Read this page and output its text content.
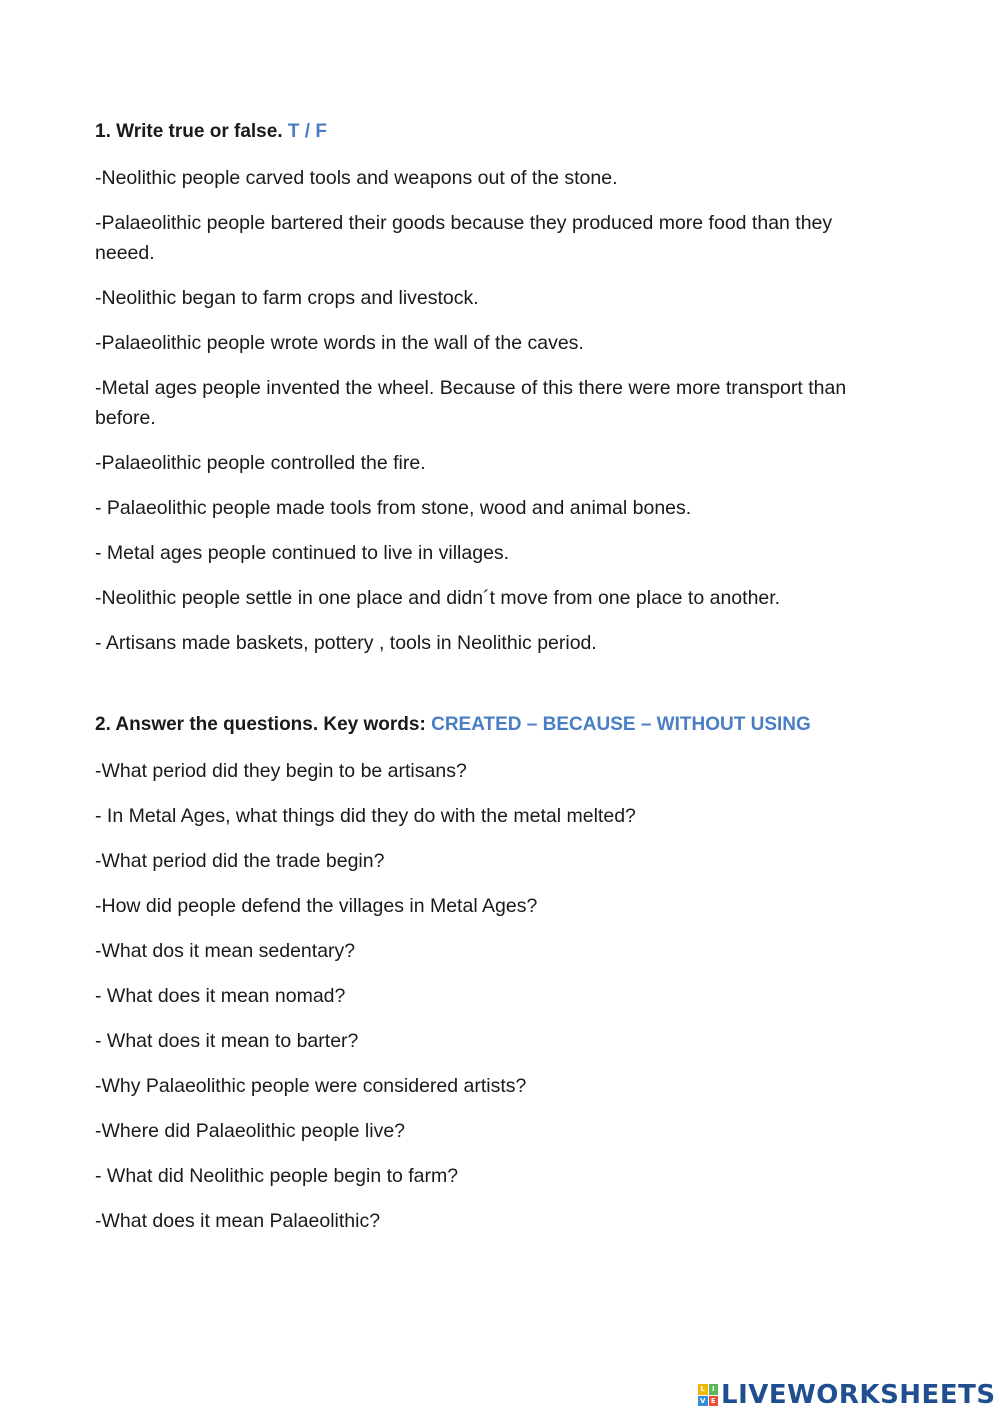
1. Write true or false. T / F
-Neolithic people carved tools and weapons out of the stone.
-Palaeolithic people bartered their goods because they produced more food than they neeed.
-Neolithic began to farm crops and livestock.
-Palaeolithic people wrote words in the wall of the caves.
-Metal ages people invented the wheel. Because of this there were more transport than before.
-Palaeolithic people controlled the fire.
- Palaeolithic people made tools from stone, wood and animal bones.
- Metal ages people continued to live in villages.
-Neolithic people settle in one place and didn´t move from one place to another.
- Artisans made baskets, pottery , tools in Neolithic period.
2. Answer the questions. Key words: CREATED – BECAUSE – WITHOUT USING
-What period did they begin to be artisans?
- In Metal Ages, what things did they do with the metal melted?
-What period did the trade begin?
-How did people defend the villages in Metal Ages?
-What dos it mean sedentary?
- What does it mean nomad?
- What does it mean to barter?
-Why Palaeolithic people were considered artists?
-Where did Palaeolithic people live?
- What did Neolithic people begin to farm?
-What does it mean Palaeolithic?
L I
V E LIVEWORKSHEETS
